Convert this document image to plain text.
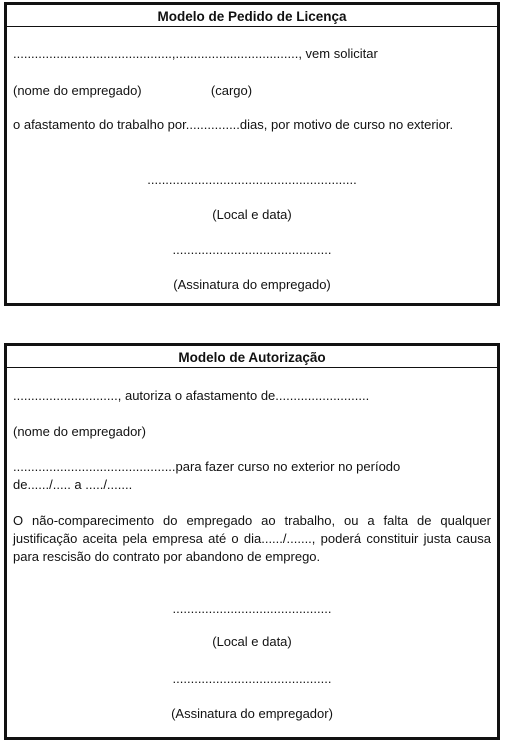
Modelo de Pedido de Licença
............................................,.................................., vem solicitar
(nome do empregado)	(cargo)
o afastamento do trabalho por...............dias, por motivo de curso no exterior.
..........................................................
(Local e data)
............................................
(Assinatura do empregado)
Modelo de Autorização
............................., autoriza o afastamento de..........................
(nome do empregador)
.............................................para fazer curso no exterior no período
de....../..... a ...../.......
O não-comparecimento do empregado ao trabalho, ou a falta de qualquer justificação aceita pela empresa até o dia....../......., poderá constituir justa causa para rescisão do contrato por abandono de emprego.
............................................
(Local e data)
............................................
(Assinatura do empregador)
